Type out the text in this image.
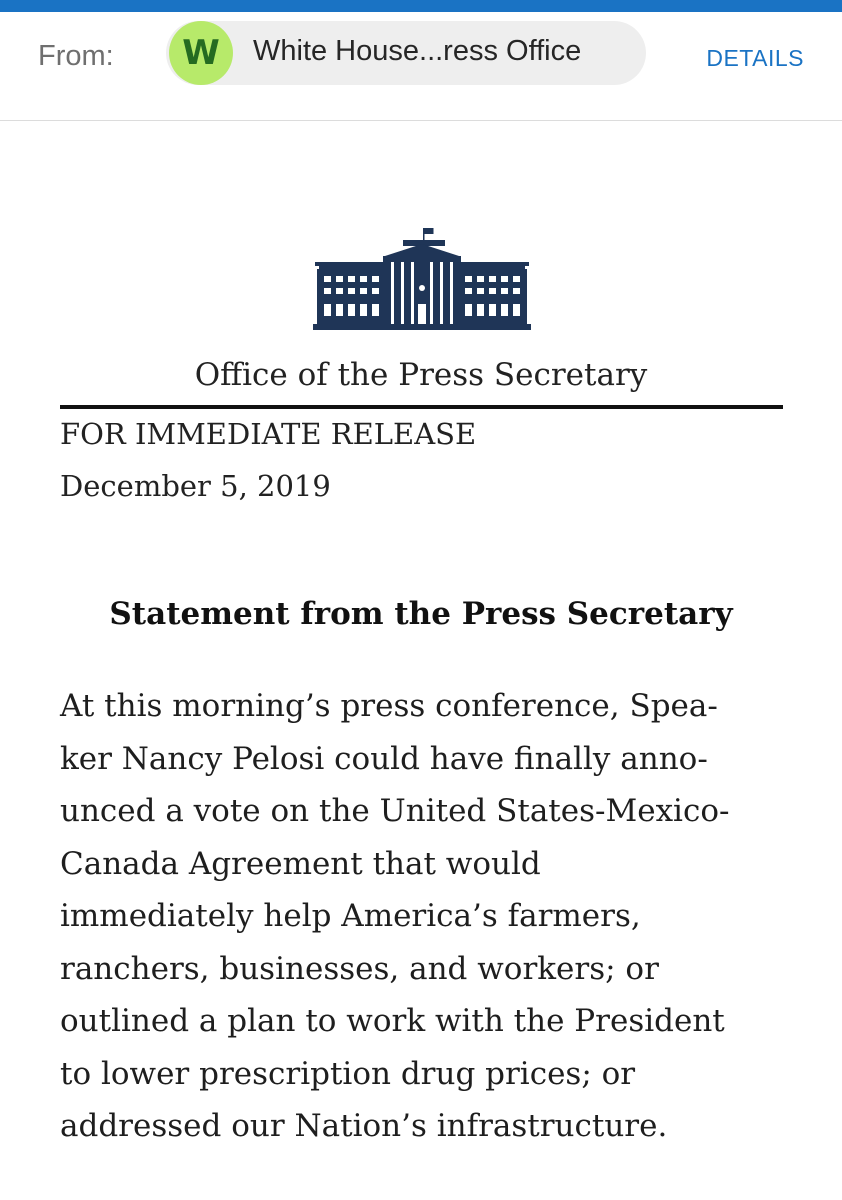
From:	W	White House...ress Office	DETAILS
Office of the Press Secretary
FOR IMMEDIATE RELEASE
December 5, 2019
Statement from the Press Secretary
At this morning’s press conference, Spea-
ker Nancy Pelosi could have finally anno-
unced a vote on the United States-Mexico-
Canada Agreement that would
immediately help America’s farmers,
ranchers, businesses, and workers; or
outlined a plan to work with the President
to lower prescription drug prices; or
addressed our Nation’s infrastructure.
